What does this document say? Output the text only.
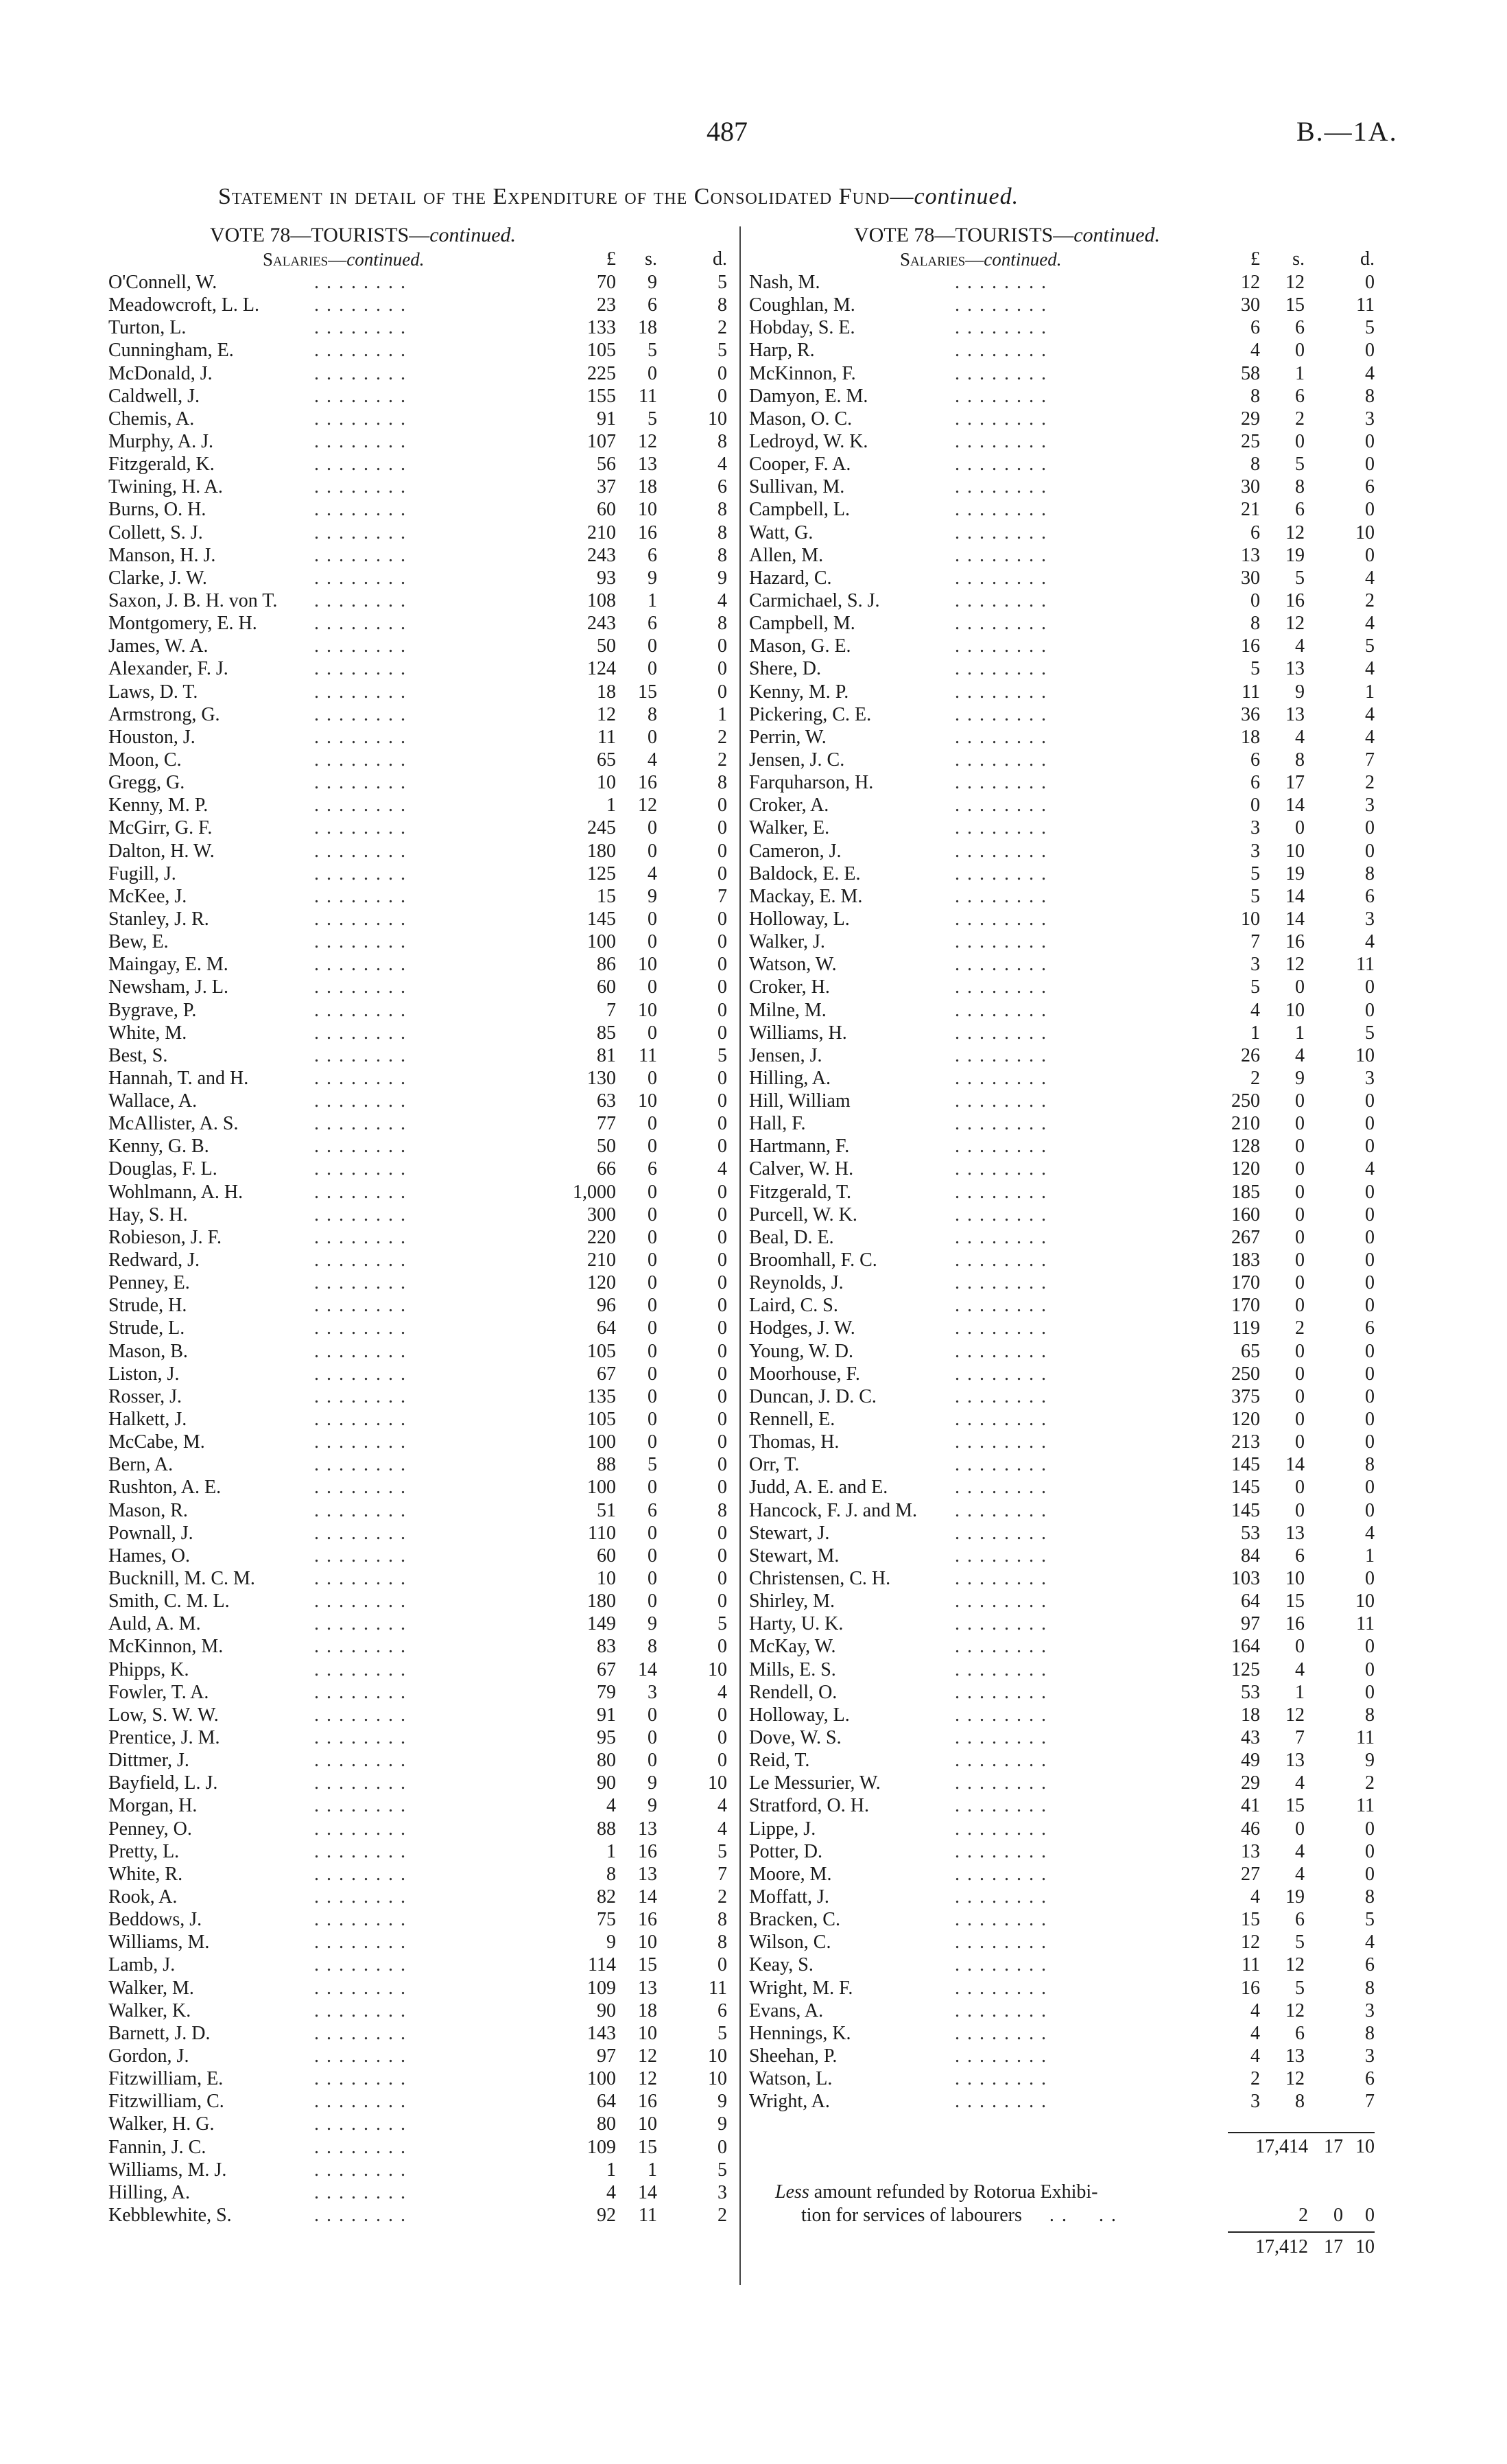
487	B.—1A.
Statement in detail of the Expenditure of the Consolidated Fund—continued.
VOTE 78—TOURISTS—continued.
Salaries—continued.	£	s.	d.
O'Connell, W.	. . . . . . . .	70	9	5
Meadowcroft, L. L.	. . . . . . . .	23	6	8
Turton, L.	. . . . . . . .	133	18	2
Cunningham, E.	. . . . . . . .	105	5	5
McDonald, J.	. . . . . . . .	225	0	0
Caldwell, J.	. . . . . . . .	155	11	0
Chemis, A.	. . . . . . . .	91	5	10
Murphy, A. J.	. . . . . . . .	107	12	8
Fitzgerald, K.	. . . . . . . .	56	13	4
Twining, H. A.	. . . . . . . .	37	18	6
Burns, O. H.	. . . . . . . .	60	10	8
Collett, S. J.	. . . . . . . .	210	16	8
Manson, H. J.	. . . . . . . .	243	6	8
Clarke, J. W.	. . . . . . . .	93	9	9
Saxon, J. B. H. von T. . . . . . . . .	108	1	4
Montgomery, E. H.	. . . . . . . .	243	6	8
James, W. A.	. . . . . . . .	50	0	0
Alexander, F. J.	. . . . . . . .	124	0	0
Laws, D. T.	. . . . . . . .	18	15	0
Armstrong, G.	. . . . . . . .	12	8	1
Houston, J.	. . . . . . . .	11	0	2
Moon, C.	. . . . . . . .	65	4	2
Gregg, G.	. . . . . . . .	10	16	8
Kenny, M. P.	. . . . . . . .	1	12	0
McGirr, G. F.	. . . . . . . .	245	0	0
Dalton, H. W.	. . . . . . . .	180	0	0
Fugill, J.	. . . . . . . .	125	4	0
McKee, J.	. . . . . . . .	15	9	7
Stanley, J. R.	. . . . . . . .	145	0	0
Bew, E.	. . . . . . . .	100	0	0
Maingay, E. M.	. . . . . . . .	86	10	0
Newsham, J. L.	. . . . . . . .	60	0	0
Bygrave, P.	. . . . . . . .	7	10	0
White, M.	. . . . . . . .	85	0	0
Best, S.	. . . . . . . .	81	11	5
Hannah, T. and H.	. . . . . . . .	130	0	0
Wallace, A.	. . . . . . . .	63	10	0
McAllister, A. S.	. . . . . . . .	77	0	0
Kenny, G. B.	. . . . . . . .	50	0	0
Douglas, F. L.	. . . . . . . .	66	6	4
Wohlmann, A. H.	. . . . . . . .	1,000	0	0
Hay, S. H.	. . . . . . . .	300	0	0
Robieson, J. F.	. . . . . . . .	220	0	0
Redward, J.	. . . . . . . .	210	0	0
Penney, E.	. . . . . . . .	120	0	0
Strude, H.	. . . . . . . .	96	0	0
Strude, L.	. . . . . . . .	64	0	0
Mason, B.	. . . . . . . .	105	0	0
Liston, J.	. . . . . . . .	67	0	0
Rosser, J.	. . . . . . . .	135	0	0
Halkett, J.	. . . . . . . .	105	0	0
McCabe, M.	. . . . . . . .	100	0	0
Bern, A.	. . . . . . . .	88	5	0
Rushton, A. E.	. . . . . . . .	100	0	0
Mason, R.	. . . . . . . .	51	6	8
Pownall, J.	. . . . . . . .	110	0	0
Hames, O.	. . . . . . . .	60	0	0
Bucknill, M. C. M.	. . . . . . . .	10	0	0
Smith, C. M. L.	. . . . . . . .	180	0	0
Auld, A. M.	. . . . . . . .	149	9	5
McKinnon, M.	. . . . . . . .	83	8	0
Phipps, K.	. . . . . . . .	67	14	10
Fowler, T. A.	. . . . . . . .	79	3	4
Low, S. W. W.	. . . . . . . .	91	0	0
Prentice, J. M.	. . . . . . . .	95	0	0
Dittmer, J.	. . . . . . . .	80	0	0
Bayfield, L. J.	. . . . . . . .	90	9	10
Morgan, H.	. . . . . . . .	4	9	4
Penney, O.	. . . . . . . .	88	13	4
Pretty, L.	. . . . . . . .	1	16	5
White, R.	. . . . . . . .	8	13	7
Rook, A.	. . . . . . . .	82	14	2
Beddows, J.	. . . . . . . .	75	16	8
Williams, M.	. . . . . . . .	9	10	8
Lamb, J.	. . . . . . . .	114	15	0
Walker, M.	. . . . . . . .	109	13	11
Walker, K.	. . . . . . . .	90	18	6
Barnett, J. D.	. . . . . . . .	143	10	5
Gordon, J.	. . . . . . . .	97	12	10
Fitzwilliam, E.	. . . . . . . .	100	12	10
Fitzwilliam, C.	. . . . . . . .	64	16	9
Walker, H. G.	. . . . . . . .	80	10	9
Fannin, J. C.	. . . . . . . .	109	15	0
Williams, M. J.	. . . . . . . .	1	1	5
Hilling, A.	. . . . . . . .	4	14	3
Kebblewhite, S.	. . . . . . . .	92	11	2
VOTE 78—TOURISTS—continued.
Salaries—continued.	£	s.	d.
Nash, M.	. . . . . . . .	12	12	0
Coughlan, M.	. . . . . . . .	30	15	11
Hobday, S. E.	. . . . . . . .	6	6	5
Harp, R.	. . . . . . . .	4	0	0
McKinnon, F.	. . . . . . . .	58	1	4
Damyon, E. M.	. . . . . . . .	8	6	8
Mason, O. C.	. . . . . . . .	29	2	3
Ledroyd, W. K.	. . . . . . . .	25	0	0
Cooper, F. A.	. . . . . . . .	8	5	0
Sullivan, M.	. . . . . . . .	30	8	6
Campbell, L.	. . . . . . . .	21	6	0
Watt, G.	. . . . . . . .	6	12	10
Allen, M.	. . . . . . . .	13	19	0
Hazard, C.	. . . . . . . .	30	5	4
Carmichael, S. J.	. . . . . . . .	0	16	2
Campbell, M.	. . . . . . . .	8	12	4
Mason, G. E.	. . . . . . . .	16	4	5
Shere, D.	. . . . . . . .	5	13	4
Kenny, M. P.	. . . . . . . .	11	9	1
Pickering, C. E.	. . . . . . . .	36	13	4
Perrin, W.	. . . . . . . .	18	4	4
Jensen, J. C.	. . . . . . . .	6	8	7
Farquharson, H.	. . . . . . . .	6	17	2
Croker, A.	. . . . . . . .	0	14	3
Walker, E.	. . . . . . . .	3	0	0
Cameron, J.	. . . . . . . .	3	10	0
Baldock, E. E.	. . . . . . . .	5	19	8
Mackay, E. M.	. . . . . . . .	5	14	6
Holloway, L.	. . . . . . . .	10	14	3
Walker, J.	. . . . . . . .	7	16	4
Watson, W.	. . . . . . . .	3	12	11
Croker, H.	. . . . . . . .	5	0	0
Milne, M.	. . . . . . . .	4	10	0
Williams, H.	. . . . . . . .	1	1	5
Jensen, J.	. . . . . . . .	26	4	10
Hilling, A.	. . . . . . . .	2	9	3
Hill, William	. . . . . . . .	250	0	0
Hall, F.	. . . . . . . .	210	0	0
Hartmann, F.	. . . . . . . .	128	0	0
Calver, W. H.	. . . . . . . .	120	0	4
Fitzgerald, T.	. . . . . . . .	185	0	0
Purcell, W. K.	. . . . . . . .	160	0	0
Beal, D. E.	. . . . . . . .	267	0	0
Broomhall, F. C.	. . . . . . . .	183	0	0
Reynolds, J.	. . . . . . . .	170	0	0
Laird, C. S.	. . . . . . . .	170	0	0
Hodges, J. W.	. . . . . . . .	119	2	6
Young, W. D.	. . . . . . . .	65	0	0
Moorhouse, F.	. . . . . . . .	250	0	0
Duncan, J. D. C.	. . . . . . . .	375	0	0
Rennell, E.	. . . . . . . .	120	0	0
Thomas, H.	. . . . . . . .	213	0	0
Orr, T.	. . . . . . . .	145	14	8
Judd, A. E. and E.	. . . . . . . .	145	0	0
Hancock, F. J. and M. . . . . . . . .	145	0	0
Stewart, J.	. . . . . . . .	53	13	4
Stewart, M.	. . . . . . . .	84	6	1
Christensen, C. H.	. . . . . . . .	103	10	0
Shirley, M.	. . . . . . . .	64	15	10
Harty, U. K.	. . . . . . . .	97	16	11
McKay, W.	. . . . . . . .	164	0	0
Mills, E. S.	. . . . . . . .	125	4	0
Rendell, O.	. . . . . . . .	53	1	0
Holloway, L.	. . . . . . . .	18	12	8
Dove, W. S.	. . . . . . . .	43	7	11
Reid, T.	. . . . . . . .	49	13	9
Le Messurier, W.	. . . . . . . .	29	4	2
Stratford, O. H.	. . . . . . . .	41	15	11
Lippe, J.	. . . . . . . .	46	0	0
Potter, D.	. . . . . . . .	13	4	0
Moore, M.	. . . . . . . .	27	4	0
Moffatt, J.	. . . . . . . .	4	19	8
Bracken, C.	. . . . . . . .	15	6	5
Wilson, C.	. . . . . . . .	12	5	4
Keay, S.	. . . . . . . .	11	12	6
Wright, M. F.	. . . . . . . .	16	5	8
Evans, A.	. . . . . . . .	4	12	3
Hennings, K.	. . . . . . . .	4	6	8
Sheehan, P.	. . . . . . . .	4	13	3
Watson, L.	. . . . . . . .	2	12	6
Wright, A.	. . . . . . . .	3	8	7
17,414 17 10
Less amount refunded by Rotorua Exhibi-
tion for services of labourers . .     . .	2	0	0
17,412 17 10
